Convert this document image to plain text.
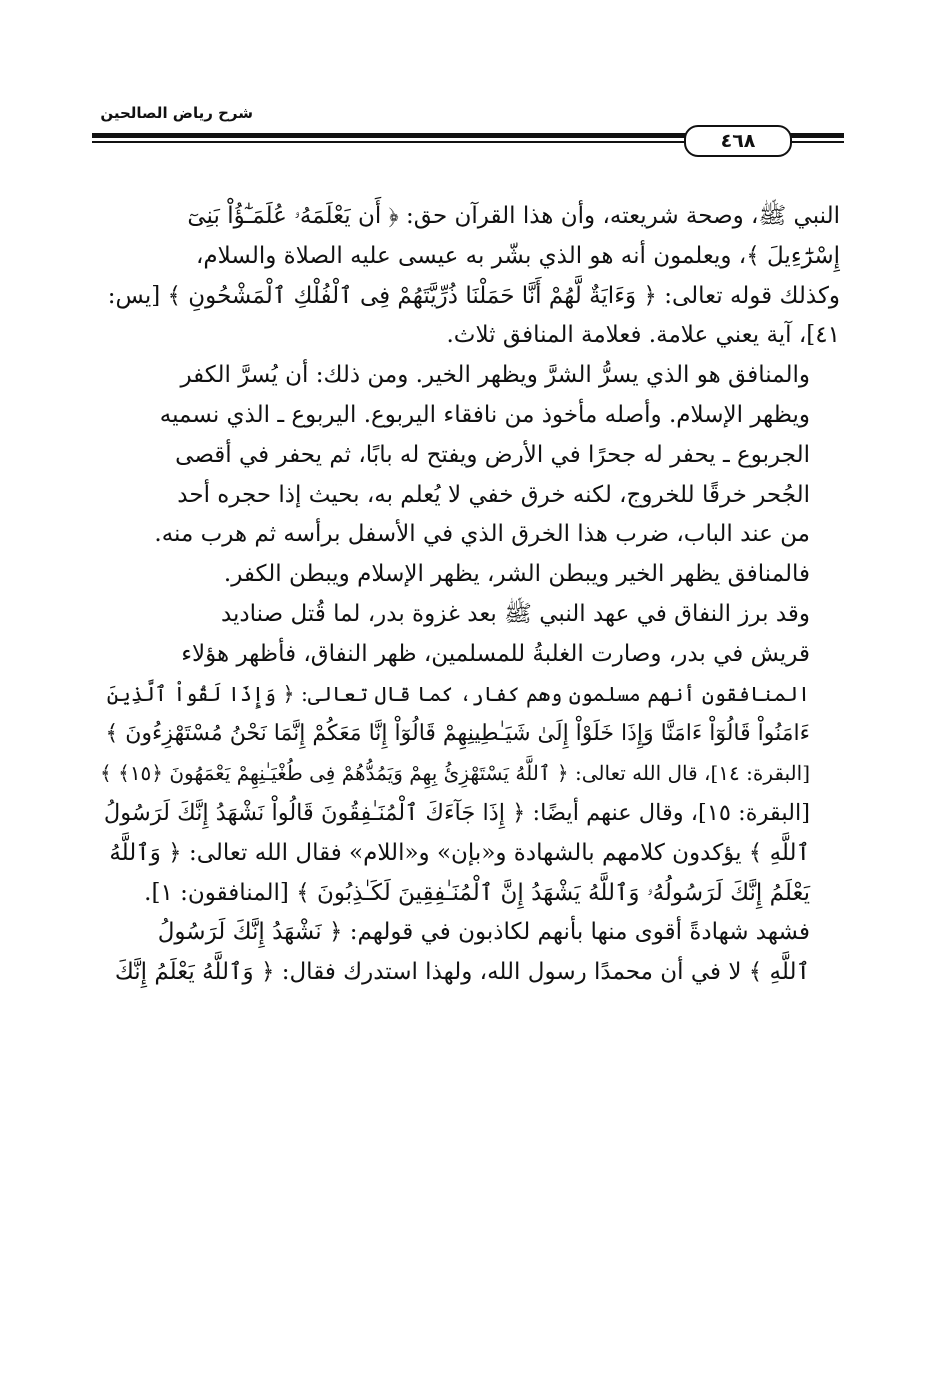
شرح رياض الصالحين
٤٦٨

النبي ﷺ، وصحة شريعته، وأن هذا القرآن حق: ﴿ أَن يَعْلَمَهُۥ عُلَمَـٰٓؤُاْ بَنِىٓ
إِسْرَٰٓءِيلَ ﴾، ويعلمون أنه هو الذي بشّر به عيسى عليه الصلاة والسلام،
وكذلك قوله تعالى: ﴿ وَءَايَةٌ لَّهُمْ أَنَّا حَمَلْنَا ذُرِّيَّتَهُمْ فِى ٱلْفُلْكِ ٱلْمَشْحُونِ ﴾ [يس:
٤١]، آية يعني علامة. فعلامة المنافق ثلاث.

والمنافق هو الذي يسرُّ الشرَّ ويظهر الخير. ومن ذلك: أن يُسرَّ الكفر
ويظهر الإسلام. وأصله مأخوذ من نافقاء اليربوع. اليربوع ـ الذي نسميه
الجربوع ـ يحفر له جحرًا في الأرض ويفتح له بابًا، ثم يحفر في أقصى
الجُحر خرقًا للخروج، لكنه خرق خفي لا يُعلم به، بحيث إذا حجره أحد
من عند الباب، ضرب هذا الخرق الذي في الأسفل برأسه ثم هرب منه.
فالمنافق يظهر الخير ويبطن الشر، يظهر الإسلام ويبطن الكفر.

وقد برز النفاق في عهد النبي ﷺ بعد غزوة بدر، لما قُتل صناديد
قريش في بدر، وصارت الغلبةُ للمسلمين، ظهر النفاق، فأظهر هؤلاء
المنافقون أنهم مسلمون وهم كفار، كما قال تعالى: ﴿ وَإِذَا لَقُواْ ٱلَّذِينَ
ءَامَنُواْ قَالُوٓاْ ءَامَنَّا وَإِذَا خَلَوْاْ إِلَىٰ شَيَـٰطِينِهِمْ قَالُوٓاْ إِنَّا مَعَكُمْ إِنَّمَا نَحْنُ مُسْتَهْزِءُونَ ﴾
[البقرة: ١٤]، قال الله تعالى: ﴿ ٱللَّهُ يَسْتَهْزِئُ بِهِمْ وَيَمُدُّهُمْ فِى طُغْيَـٰنِهِمْ يَعْمَهُونَ ﴿١٥﴾ ﴾
[البقرة: ١٥]، وقال عنهم أيضًا: ﴿ إِذَا جَآءَكَ ٱلْمُنَـٰفِقُونَ قَالُواْ نَشْهَدُ إِنَّكَ لَرَسُولُ
ٱللَّهِ ﴾ يؤكدون كلامهم بالشهادة و«بإن» و«اللام» فقال الله تعالى: ﴿ وَٱللَّهُ
يَعْلَمُ إِنَّكَ لَرَسُولُهُۥ وَٱللَّهُ يَشْهَدُ إِنَّ ٱلْمُنَـٰفِقِينَ لَكَـٰذِبُونَ ﴾ [المنافقون: ١].

فشهد شهادةً أقوى منها بأنهم لكاذبون في قولهم: ﴿ نَشْهَدُ إِنَّكَ لَرَسُولُ
ٱللَّهِ ﴾ لا في أن محمدًا رسول الله، ولهذا استدرك فقال: ﴿ وَٱللَّهُ يَعْلَمُ إِنَّكَ
